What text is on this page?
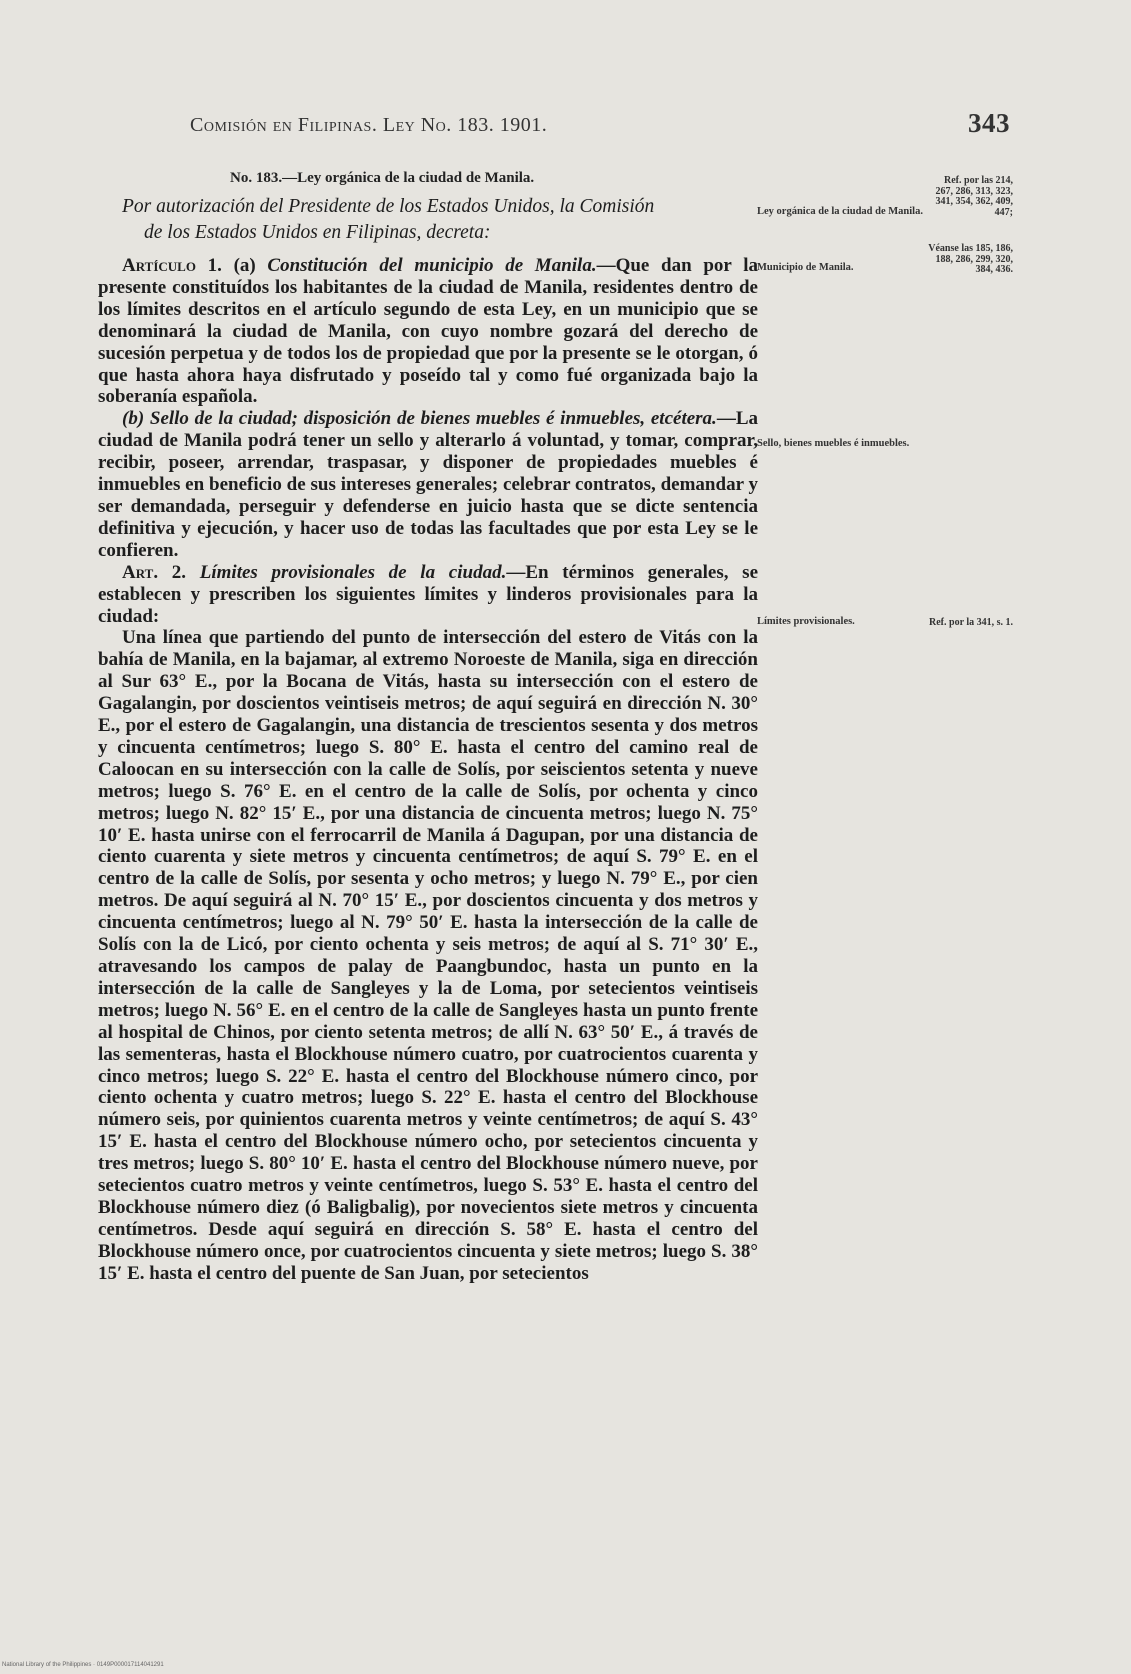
Comisión en Filipinas. Ley No. 183. 1901.	343
No. 183.—Ley orgánica de la ciudad de Manila.
Por autorización del Presidente de los Estados Unidos, la Comisión
de los Estados Unidos en Filipinas, decreta:

Artículo 1. (a) Constitución del municipio de Manila.—Que dan por la presente constituídos los habitantes de la ciudad de Manila, residentes dentro de los límites descritos en el artículo segundo de esta Ley, en un municipio que se denominará la ciudad de Manila, con cuyo nombre gozará del derecho de sucesión perpetua y de todos los de propiedad que por la presente se le otorgan, ó que hasta ahora haya disfrutado y poseído tal y como fué organizada bajo la soberanía española.

(b) Sello de la ciudad; disposición de bienes muebles é inmuebles, etcétera.—La ciudad de Manila podrá tener un sello y alterarlo á voluntad, y tomar, comprar, recibir, poseer, arrendar, traspasar, y disponer de propiedades muebles é inmuebles en beneficio de sus intereses generales; celebrar contratos, demandar y ser demandada, perseguir y defenderse en juicio hasta que se dicte sentencia definitiva y ejecución, y hacer uso de todas las facultades que por esta Ley se le confieren.

Art. 2. Límites provisionales de la ciudad.—En términos generales, se establecen y prescriben los siguientes límites y linderos provisionales para la ciudad:

Una línea que partiendo del punto de intersección del estero de Vitás con la bahía de Manila, en la bajamar, al extremo Noroeste de Manila, siga en dirección al Sur 63° E., por la Bocana de Vitás, hasta su intersección con el estero de Gagalangin, por doscientos veintiseis metros; de aquí seguirá en dirección N. 30° E., por el estero de Gagalangin, una distancia de trescientos sesenta y dos metros y cincuenta centímetros; luego S. 80° E. hasta el centro del camino real de Caloocan en su intersección con la calle de Solís, por seiscientos setenta y nueve metros; luego S. 76° E. en el centro de la calle de Solís, por ochenta y cinco metros; luego N. 82° 15′ E., por una distancia de cincuenta metros; luego N. 75° 10′ E. hasta unirse con el ferrocarril de Manila á Dagupan, por una distancia de ciento cuarenta y siete metros y cincuenta centímetros; de aquí S. 79° E. en el centro de la calle de Solís, por sesenta y ocho metros; y luego N. 79° E., por cien metros. De aquí seguirá al N. 70° 15′ E., por doscientos cincuenta y dos metros y cincuenta centímetros; luego al N. 79° 50′ E. hasta la intersección de la calle de Solís con la de Licó, por ciento ochenta y seis metros; de aquí al S. 71° 30′ E., atravesando los campos de palay de Paangbundoc, hasta un punto en la intersección de la calle de Sangleyes y la de Loma, por setecientos veintiseis metros; luego N. 56° E. en el centro de la calle de Sangleyes hasta un punto frente al hospital de Chinos, por ciento setenta metros; de allí N. 63° 50′ E., á través de las sementeras, hasta el Blockhouse número cuatro, por cuatrocientos cuarenta y cinco metros; luego S. 22° E. hasta el centro del Blockhouse número cinco, por ciento ochenta y cuatro metros; luego S. 22° E. hasta el centro del Blockhouse número seis, por quinientos cuarenta metros y veinte centímetros; de aquí S. 43° 15′ E. hasta el centro del Blockhouse número ocho, por setecientos cincuenta y tres metros; luego S. 80° 10′ E. hasta el centro del Blockhouse número nueve, por setecientos cuatro metros y veinte centímetros, luego S. 53° E. hasta el centro del Blockhouse número diez (ó Baligbalig), por novecientos siete metros y cincuenta centímetros. Desde aquí seguirá en dirección S. 58° E. hasta el centro del Blockhouse número once, por cuatrocientos cincuenta y siete metros; luego S. 38° 15′ E. hasta el centro del puente de San Juan, por setecientos

Ley orgánica de la ciudad de Manila.
Municipio de Manila.
Sello, bienes muebles é inmuebles.
Límites provisionales.
Ref. por las 214, 267, 286, 313, 323, 341, 354, 362, 409, 447;
Véanse las 185, 186, 188, 286, 299, 320, 384, 436.
Ref. por la 341, s. 1.
National Library of the Philippines · 0149P000017114041291
